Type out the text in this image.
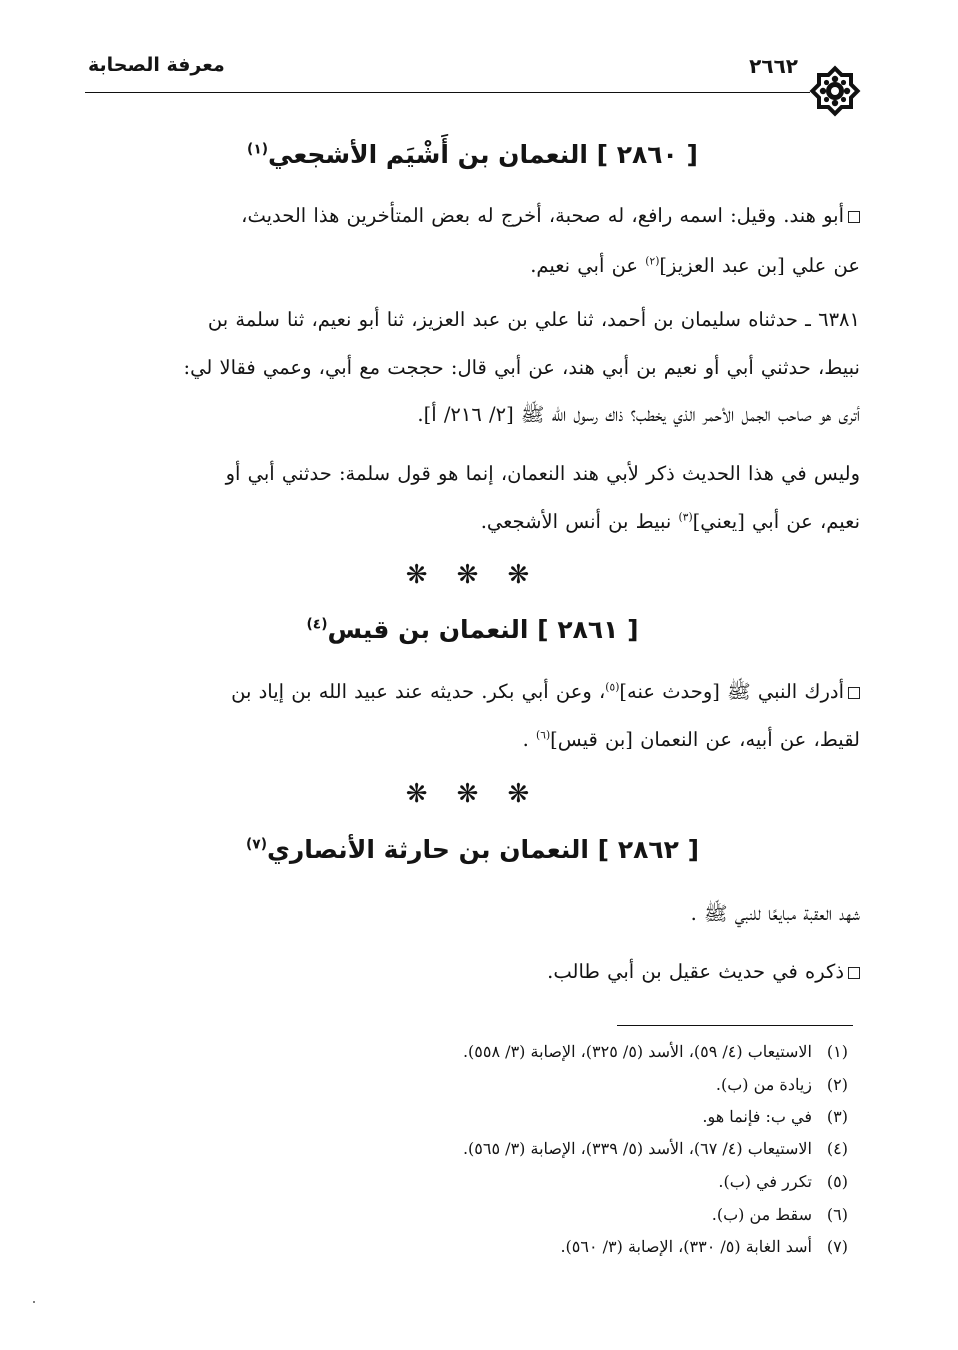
معرفة الصحابة	٢٦٦٢
[ ٢٨٦٠ ] النعمان بن أَشْيَم الأشجعي$^{(١)}$
أبو هند. وقيل: اسمه رافع، له صحبة، أخرج له بعض المتأخرين هذا الحديث،
عن علي [بن عبد العزيز]$^{(٢)}$ عن أبي نعيم.
٦٣٨١ ـ حدثناه سليمان بن أحمد، ثنا علي بن عبد العزيز، ثنا أبو نعيم، ثنا سلمة بن
نبيط، حدثني أبي أو نعيم بن أبي هند، عن أبي قال: حججت مع أبي، وعمي فقالا لي:
أترى هو صاحب الجمل الأحمر الذي يخطب؟ ذاك رسول الله ﷺ [٢/ ٢١٦/ أ].
وليس في هذا الحديث ذكر لأبي هند النعمان، إنما هو قول سلمة: حدثني أبي أو
نعيم، عن أبي [يعني]$^{(٣)}$ نبيط بن أنس الأشجعي.
❋ ❋ ❋
[ ٢٨٦١ ] النعمان بن قيس$^{(٤)}$
أدرك النبي ﷺ [وحدث عنه]$^{(٥)}$، وعن أبي بكر. حديثه عند عبيد الله بن إياد بن
لقيط، عن أبيه، عن النعمان [بن قيس]$^{(٦)}$ .
❋ ❋ ❋
[ ٢٨٦٢ ] النعمان بن حارثة الأنصاري$^{(٧)}$
شهد العقبة مبايعًا للنبي ﷺ .
ذكره في حديث عقيل بن أبي طالب.
(١)الاستيعاب (٤/ ٥٩)، الأسد (٥/ ٣٢٥)، الإصابة (٣/ ٥٥٨).
(٢)زيادة من (ب).
(٣)في ب: فإنما هو.
(٤)الاستيعاب (٤/ ٦٧)، الأسد (٥/ ٣٣٩)، الإصابة (٣/ ٥٦٥).
(٥)تكرر في (ب).
(٦)سقط من (ب).
(٧)أسد الغابة (٥/ ٣٣٠)، الإصابة (٣/ ٥٦٠).
